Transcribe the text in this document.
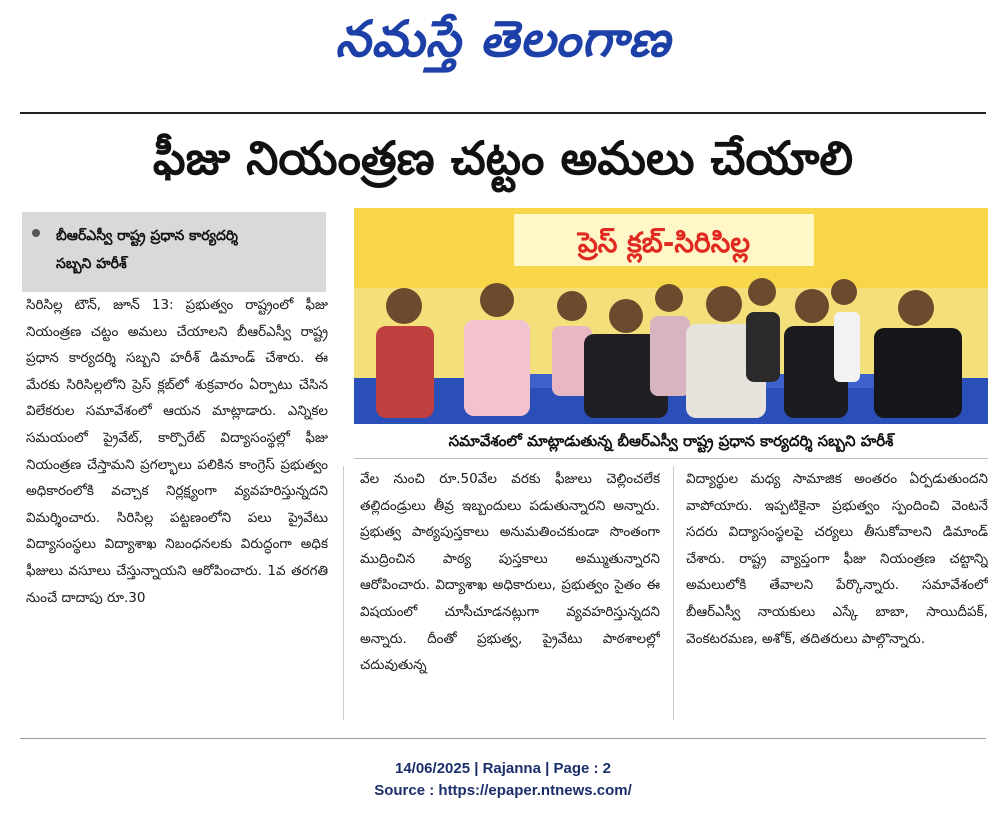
నమస్తే తెలంగాణ
ఫీజు నియంత్రణ చట్టం అమలు చేయాలి
బీఆర్‌ఎస్వీ రాష్ట్ర ప్రధాన కార్యదర్శి
సబ్బని హరీశ్
సిరిసిల్ల టౌన్, జూన్ 13: ప్రభుత్వం రాష్ట్రంలో ఫీజు నియంత్రణ చట్టం అమలు చేయాలని బీఆర్ఎస్వీ రాష్ట్ర ప్రధాన కార్యదర్శి సబ్బని హరీశ్ డిమాండ్ చేశారు. ఈ మేరకు సిరిసిల్లలోని ప్రెస్ క్లబ్‌లో శుక్రవారం ఏర్పాటు చేసిన విలేకరుల సమావేశంలో ఆయన మాట్లాడారు. ఎన్నికల సమయంలో ప్రైవేట్, కార్పొరేట్ విద్యాసంస్థల్లో ఫీజు నియంత్రణ చేస్తామని ప్రగల్భాలు పలికిన కాంగ్రెస్ ప్రభుత్వం అధికారంలోకి వచ్చాక నిర్లక్ష్యంగా వ్యవహరిస్తున్నదని విమర్శించారు. సిరిసిల్ల పట్టణంలోని పలు ప్రైవేటు విద్యాసంస్థలు విద్యాశాఖ నిబంధనలకు విరుద్ధంగా అధిక ఫీజులు వసూలు చేస్తున్నాయని ఆరోపించారు. 1వ తరగతి నుంచే దాదాపు రూ.30
ప్రెస్ క్లబ్-సిరిసిల్ల
సమావేశంలో మాట్లాడుతున్న బీఆర్‌ఎస్వీ రాష్ట్ర ప్రధాన కార్యదర్శి సబ్బని హరీశ్
వేల నుంచి రూ.50వేల వరకు ఫీజులు చెల్లించలేక తల్లిదండ్రులు తీవ్ర ఇబ్బందులు పడుతున్నారని అన్నారు. ప్రభుత్వ పాఠ్యపుస్తకాలు అనుమతించకుండా సొంతంగా ముద్రించిన పాఠ్య పుస్తకాలు అమ్ముతున్నారని ఆరోపించారు. విద్యాశాఖ అధికారులు, ప్రభుత్వం సైతం ఈ విషయంలో చూసీచూడనట్లుగా వ్యవహరిస్తున్నదని అన్నారు. దీంతో ప్రభుత్వ, ప్రైవేటు పాఠశాలల్లో చదువుతున్న
విద్యార్థుల మధ్య సామాజిక అంతరం ఏర్పడుతుందని వాపోయారు. ఇప్పటికైనా ప్రభుత్వం స్పందించి వెంటనే సదరు విద్యాసంస్థలపై చర్యలు తీసుకోవాలని డిమాండ్ చేశారు. రాష్ట్ర వ్యాప్తంగా ఫీజు నియంత్రణ చట్టాన్ని అమలులోకి తేవాలని పేర్కొన్నారు. సమావేశంలో బీఆర్ఎస్వీ నాయకులు ఎస్కే బాబా, సాయిదీపక్, వెంకటరమణ, అశోక్, తదితరులు పాల్గొన్నారు.
14/06/2025 | Rajanna | Page : 2
Source : https://epaper.ntnews.com/
